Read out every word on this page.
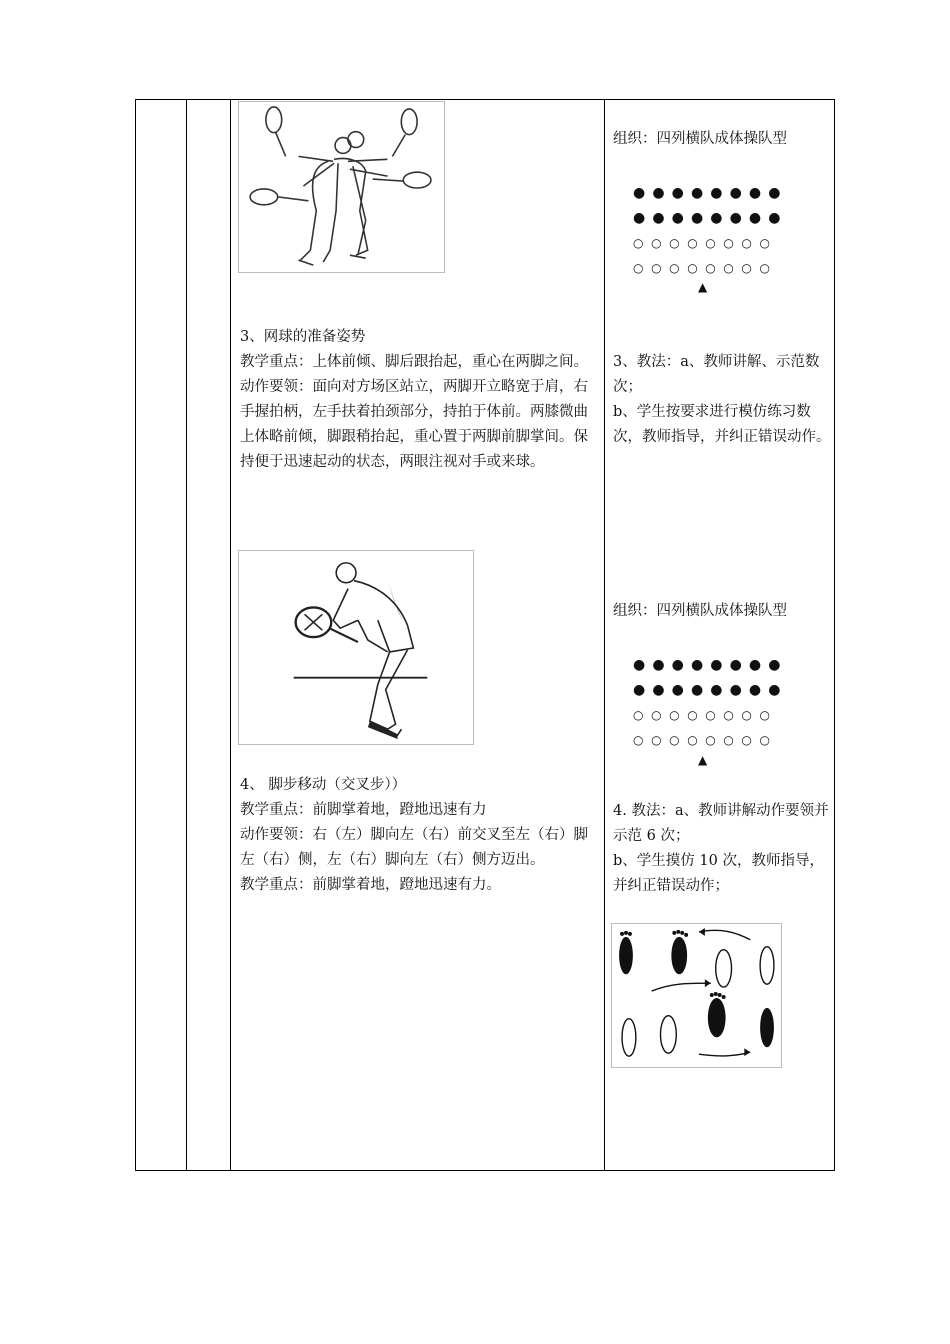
3、网球的准备姿势

教学重点：上体前倾、脚后跟抬起，重心在两脚之间。

动作要领：面向对方场区站立，两脚开立略宽于肩，右手握拍柄，左手扶着拍颈部分，持拍于体前。两膝微曲上体略前倾，脚跟稍抬起，重心置于两脚前脚掌间。保持便于迅速起动的状态，两眼注视对手或来球。

4、 脚步移动（交叉步））

教学重点：前脚掌着地，蹬地迅速有力

动作要领：右（左）脚向左（右）前交叉至左（右）脚左（右）侧，左（右）脚向左（右）侧方迈出。

教学重点：前脚掌着地，蹬地迅速有力。

组织：四列横队成体操队型
●●●●●●●●
●●●●●●●●
○○○○○○○○
○○○○○○○○
▲

3、教法：a、教师讲解、示范数次；

b、学生按要求进行模仿练习数次，教师指导，并纠正错误动作。

组织：四列横队成体操队型
●●●●●●●●
●●●●●●●●
○○○○○○○○
○○○○○○○○
▲

4. 教法：a、教师讲解动作要领并示范 6 次；

b、学生摸仿 10 次，教师指导，并纠正错误动作；
